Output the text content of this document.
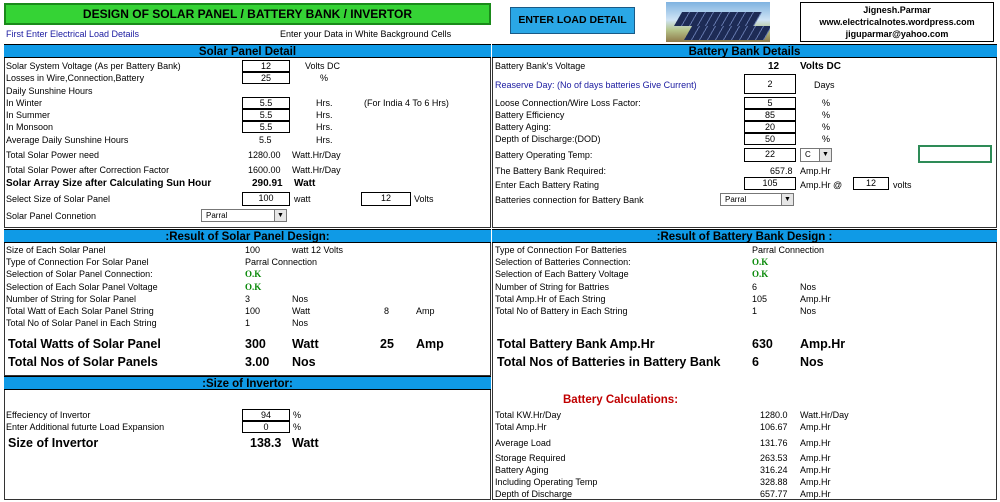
DESIGN OF SOLAR PANEL / BATTERY BANK / INVERTOR	ENTER LOAD DETAIL
Jignesh.Parmar
www.electricalnotes.wordpress.com
jiguparmar@yahoo.com
First Enter Electrical Load Details	Enter your Data in White Background Cells
Solar Panel Detail
Solar System Voltage (As per Battery Bank)	12	Volts DC
Losses in Wire,Connection,Battery	25	%
Daily Sunshine Hours
In Winter	5.5	Hrs.	(For India 4 To 6 Hrs)
In Summer	5.5	Hrs.
In Monsoon	5.5	Hrs.
Average Daily Sunshine Hours	5.5	Hrs.
Total Solar Power need	1280.00 Watt.Hr/Day
Total Solar Power after Correction Factor	1600.00 Watt.Hr/Day
Solar Array Size after Calculating Sun Hour	290.91 Watt
Select Size of Solar Panel	100	watt	12	Volts
Solar Panel Connetion	Parral	▼
:Result of Solar Panel Design:
Size of Each Solar Panel	100	watt 12 Volts
Type of Connection For Solar Panel	Parral Connection
Selection of Solar Panel Connection:	O.K
Selection of Each Solar Panel Voltage	O.K
Number of String for Solar Panel	3	Nos
Total Watt of Each Solar Panel String	100	Watt	8	Amp
Total No of Solar Panel in Each String	1	Nos
Total Watts of Solar Panel	300 Watt	25 Amp
Total Nos of Solar Panels	3.00 Nos
:Size of Invertor:
Effeciency of Invertor	94	%
Enter Additional futurte Load Expansion	0	%
Size of Invertor	138.3 Watt
Battery Bank Details
Battery Bank's Voltage	12 Volts DC
Reaserve Day: (No of days batteries Give Current)	2	Days
Loose Connection/Wire Loss Factor:	5	%
Battery Efficiency	85	%
Battery Aging:	20	%
Depth of Discharge:(DOD)	50	%
Battery Operating Temp:	22	C	▼
The Battery Bank Required:	657.8 Amp.Hr
Enter Each Battery Rating	105	Amp.Hr @	12	volts
Batteries connection for Battery Bank	Parral	▼
:Result of Battery Bank Design :
Type of Connection For Batteries	Parral Connection
Selection of Batteries Connection:	O.K
Selection of Each Battery Voltage	O.K
Number of String for Battries	6	Nos
Total Amp.Hr of Each String	105	Amp.Hr
Total No of Battery in Each String	1	Nos
Total Battery Bank Amp.Hr	630 Amp.Hr
Total Nos of Batteries in Battery Bank	6	Nos
Battery Calculations:
Total KW.Hr/Day	1280.0 Watt.Hr/Day
Total Amp.Hr	106.67 Amp.Hr
Average Load	131.76 Amp.Hr
Storage Required	263.53 Amp.Hr
Battery Aging	316.24 Amp.Hr
Including Operating Temp	328.88 Amp.Hr
Depth of Discharge	657.77 Amp.Hr
